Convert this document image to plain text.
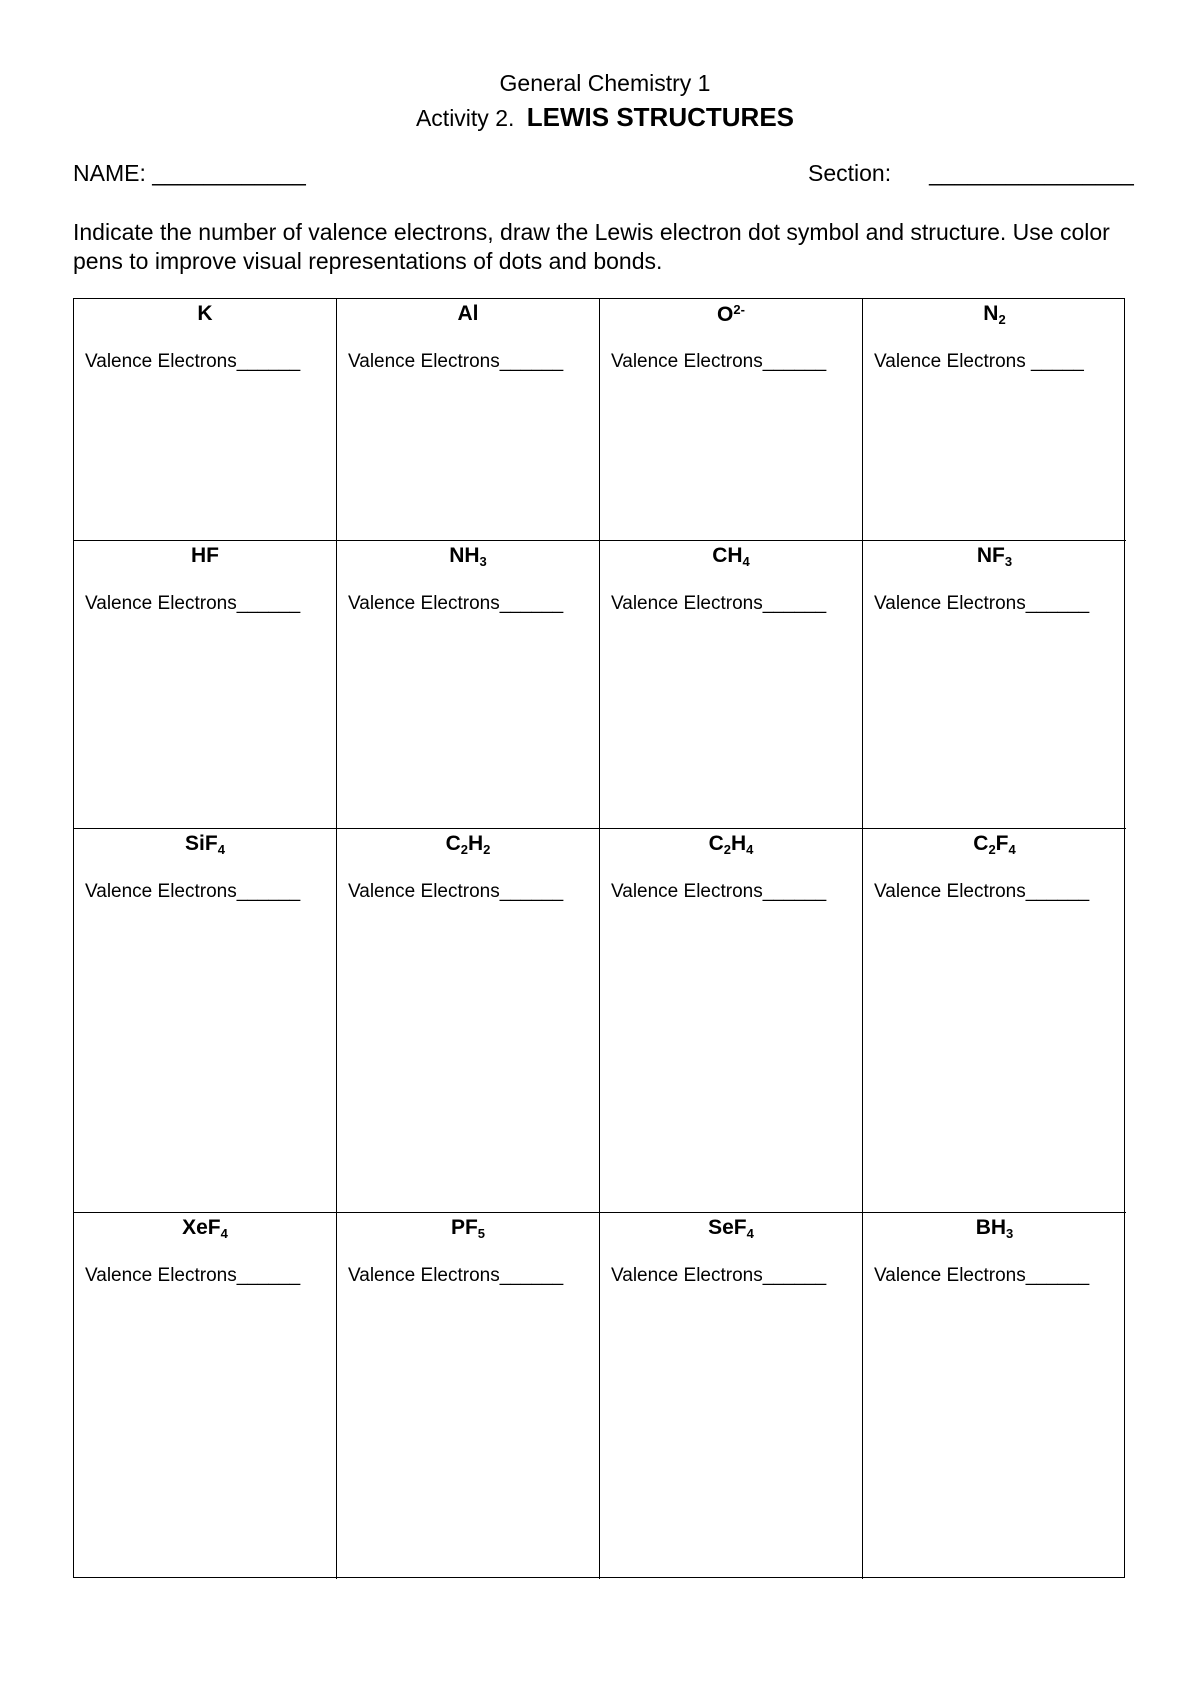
General Chemistry 1
Activity 2. LEWIS STRUCTURES
NAME: ____________	Section: ________________
Indicate the number of valence electrons, draw the Lewis electron dot symbol and structure. Use color pens to improve visual representations of dots and bonds.
K
Valence Electrons______
Al
Valence Electrons______
$O^{2-}$
Valence Electrons______
$N_2$
Valence Electrons _____
HF
Valence Electrons______
$NH_3$
Valence Electrons______
$CH_4$
Valence Electrons______
$NF_3$
Valence Electrons______
SiF$_4$
Valence Electrons______
$C_2H_2$
Valence Electrons______
$C_2H_4$
Valence Electrons______
$C_2F_4$
Valence Electrons______
XeF$_4$
Valence Electrons______
$PF_5$
Valence Electrons______
SeF$_4$
Valence Electrons______
$BH_3$
Valence Electrons______
